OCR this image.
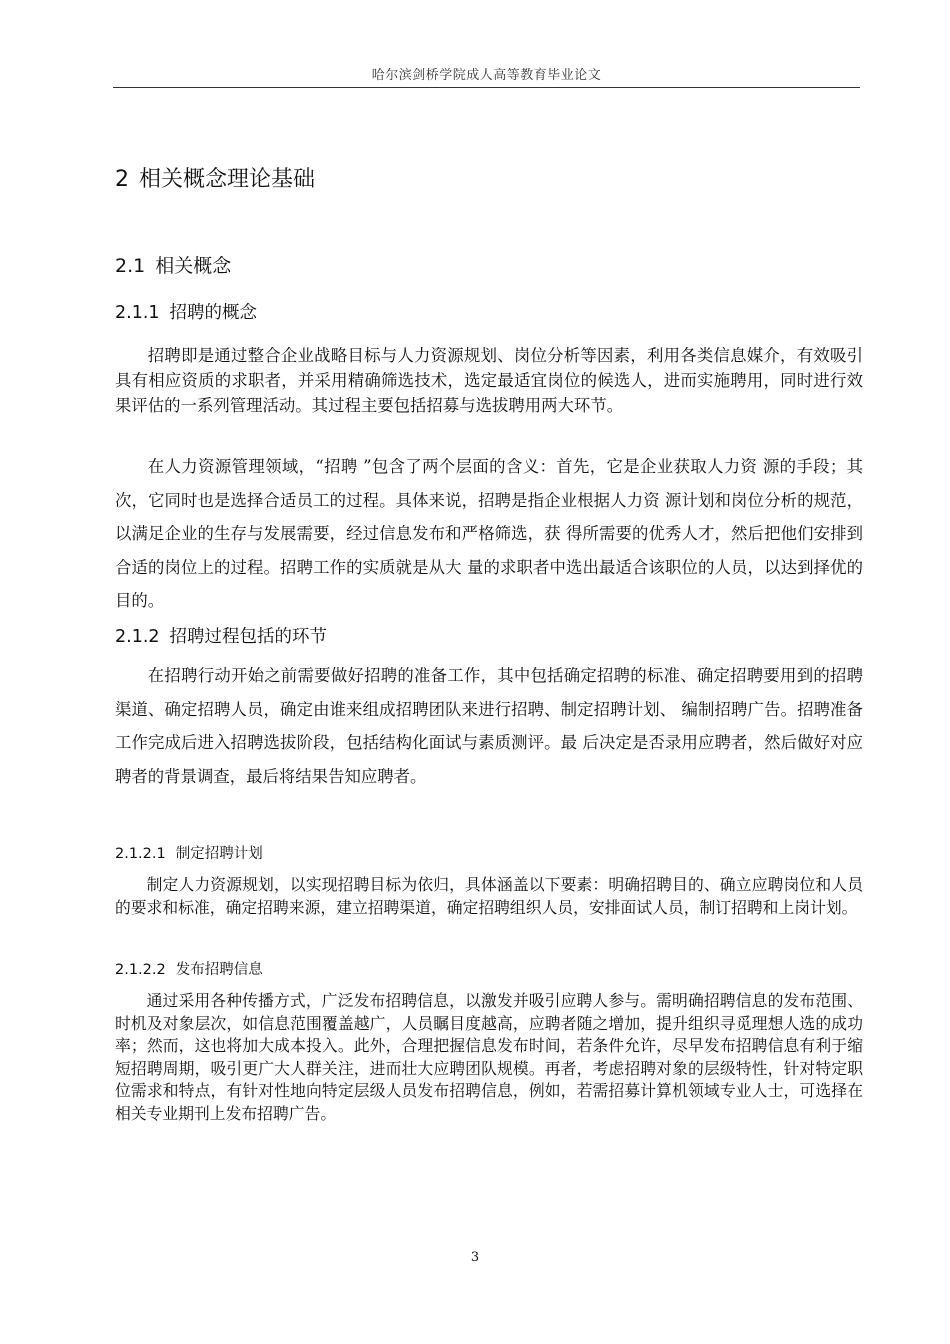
哈尔滨剑桥学院成人高等教育毕业论文
2 相关概念理论基础
2.1 相关概念
2.1.1 招聘的概念

招聘即是通过整合企业战略目标与人力资源规划、岗位分析等因素，利用各类信息媒介，有效吸引具有相应资质的求职者，并采用精确筛选技术，选定最适宜岗位的候选人，进而实施聘用，同时进行效果评估的一系列管理活动。其过程主要包括招募与选拔聘用两大环节。

在人力资源管理领域，“招聘 ”包含了两个层面的含义：首先，它是企业获取人力资 源的手段；其次，它同时也是选择合适员工的过程。具体来说，招聘是指企业根据人力资 源计划和岗位分析的规范，以满足企业的生存与发展需要，经过信息发布和严格筛选，获 得所需要的优秀人才，然后把他们安排到合适的岗位上的过程。招聘工作的实质就是从大 量的求职者中选出最适合该职位的人员，以达到择优的目的。

2.1.2 招聘过程包括的环节

在招聘行动开始之前需要做好招聘的准备工作，其中包括确定招聘的标准、确定招聘要用到的招聘渠道、确定招聘人员，确定由谁来组成招聘团队来进行招聘、制定招聘计划、 编制招聘广告。招聘准备工作完成后进入招聘选拔阶段，包括结构化面试与素质测评。最 后决定是否录用应聘者，然后做好对应聘者的背景调查，最后将结果告知应聘者。

2.1.2.1 制定招聘计划

制定人力资源规划，以实现招聘目标为依归，具体涵盖以下要素：明确招聘目的、确立应聘岗位和人员的要求和标准，确定招聘来源，建立招聘渠道，确定招聘组织人员，安排面试人员，制订招聘和上岗计划。

2.1.2.2 发布招聘信息

通过采用各种传播方式，广泛发布招聘信息，以激发并吸引应聘人参与。需明确招聘信息的发布范围、时机及对象层次，如信息范围覆盖越广，人员瞩目度越高，应聘者随之增加，提升组织寻觅理想人选的成功率；然而，这也将加大成本投入。此外，合理把握信息发布时间，若条件允许，尽早发布招聘信息有利于缩短招聘周期，吸引更广大人群关注，进而壮大应聘团队规模。再者，考虑招聘对象的层级特性，针对特定职位需求和特点，有针对性地向特定层级人员发布招聘信息，例如，若需招募计算机领域专业人士，可选择在相关专业期刊上发布招聘广告。

3
